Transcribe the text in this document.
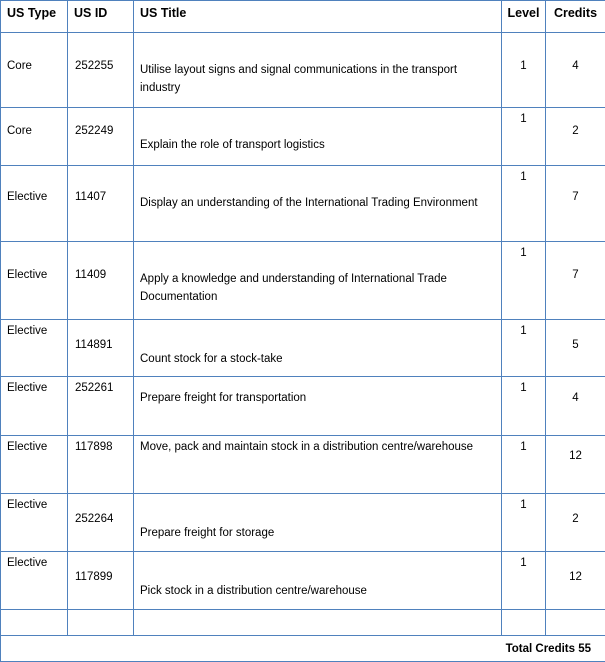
US Type	US ID	US Title	Level	Credits

Core	252255	Utilise layout signs and signal communications in the transport industry	1	4

Core	252249	Explain the role of transport logistics	1	2

Elective	11407	Display an understanding of the International Trading Environment	1	7

Elective	11409	Apply a knowledge and understanding of International Trade Documentation	1	7

Elective	114891	Count stock for a stock-take	1	5

Elective	252261	Prepare freight for transportation	1	4

Elective	117898	Move, pack and maintain stock in a distribution centre/warehouse	1	12

Elective	252264	Prepare freight for storage	1	2

Elective	117899	Pick stock in a distribution centre/warehouse	1	12

Total Credits 55				
